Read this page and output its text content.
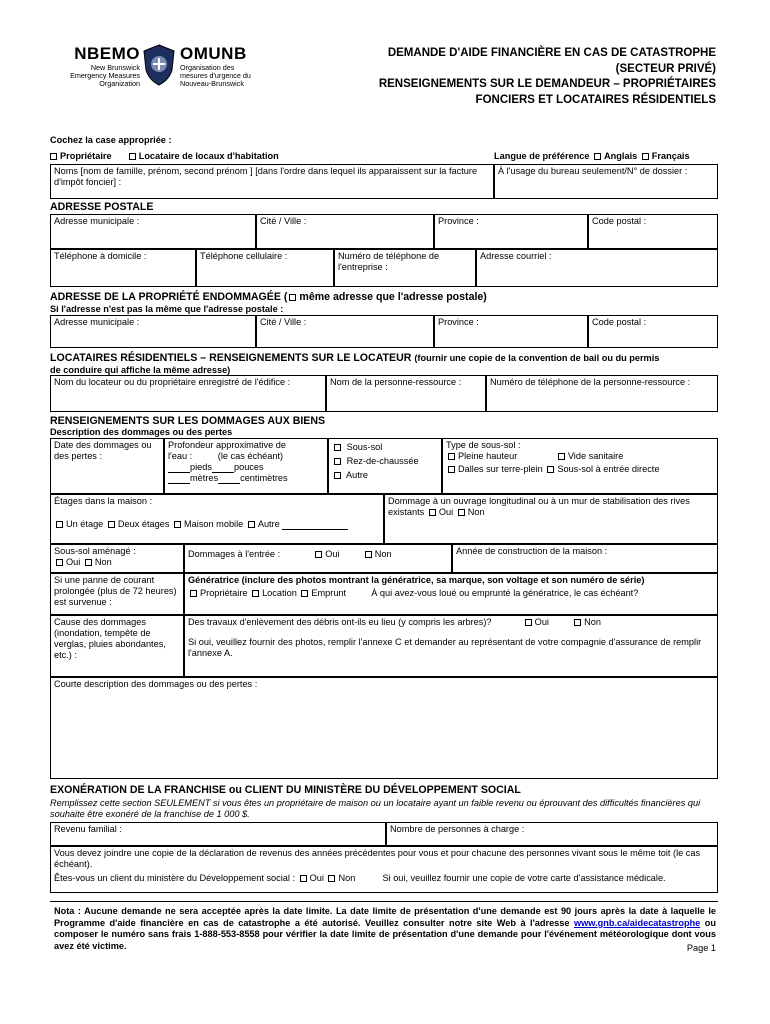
NBEMO
New Brunswick
Emergency Measures
Organization
OMUNB
Organisation des
mesures d'urgence du
Nouveau-Brunswick
DEMANDE D'AIDE FINANCIÈRE EN CAS DE CATASTROPHE
(SECTEUR PRIVÉ)
RENSEIGNEMENTS SUR LE DEMANDEUR – PROPRIÉTAIRES
FONCIERS ET LOCATAIRES RÉSIDENTIELS
Cochez la case appropriée :
Propriétaire	Locataire de locaux d'habitation	Langue de préférence Anglais Français
Noms [nom de famille, prénom, second prénom ] [dans l'ordre dans lequel ils apparaissent sur la facture d'impôt foncier] :
À l'usage du bureau seulement/N° de dossier :
ADRESSE POSTALE
Adresse municipale :	Cité / Ville :	Province :	Code postal :
Téléphone à domicile :	Téléphone cellulaire :	Numéro de téléphone de l'entreprise :
Adresse courriel :
ADRESSE DE LA PROPRIÉTÉ ENDOMMAGÉE ( même adresse que l'adresse postale)
Si l'adresse n'est pas la même que l'adresse postale :
Adresse municipale :	Cité / Ville :	Province :	Code postal :
LOCATAIRES RÉSIDENTIELS – RENSEIGNEMENTS SUR LE LOCATEUR (fournir une copie de la convention de bail ou du permis
de conduire qui affiche la même adresse)
Nom du locateur ou du propriétaire enregistré de l'édifice :	Nom de la personne-ressource :	Numéro de téléphone de la personne-ressource :
RENSEIGNEMENTS SUR LES DOMMAGES AUX BIENS
Description des dommages ou des pertes
Date des dommages ou des pertes :
Profondeur approximative de
l'eau :          (le cas échéant)
pieds pouces
mètres centimètres
Sous-sol
Rez-de-chaussée
Autre
Type de sous-sol :
Pleine hauteur	Vide sanitaire
Dalles sur terre-plein Sous-sol à entrée directe
Étages dans la maison :
Un étage Deux étages Maison mobile Autre
Dommage à un ouvrage longitudinal ou à un mur de stabilisation des rives existants Oui Non
Sous-sol aménagé :
Oui Non
Dommages à l'entrée :	Oui	Non	Année de construction de la maison :
Si une panne de courant prolongée (plus de 72 heures) est survenue :
Génératrice (inclure des photos montrant la génératrice, sa marque, son voltage et son numéro de série)
Propriétaire Location Emprunt	À qui avez-vous loué ou emprunté la génératrice, le cas échéant?
Cause des dommages (inondation, tempête de verglas, pluies abondantes, etc.) :
Des travaux d'enlèvement des débris ont-ils eu lieu (y compris les arbres)?	Oui	Non
Si oui, veuillez fournir des photos, remplir l'annexe C et demander au représentant de votre compagnie d'assurance de remplir l'annexe A.
Courte description des dommages ou des pertes :
EXONÉRATION DE LA FRANCHISE ou CLIENT DU MINISTÈRE DU DÉVELOPPEMENT SOCIAL
Remplissez cette section SEULEMENT si vous êtes un propriétaire de maison ou un locataire ayant un faible revenu ou éprouvant des difficultés financières qui souhaite être exonéré de la franchise de 1 000 $.
Revenu familial :	Nombre de personnes à charge :
Vous devez joindre une copie de la déclaration de revenus des années précédentes pour vous et pour chacune des personnes vivant sous le même toit (le cas échéant).
Êtes-vous un client du ministère du Développement social : Oui Non	Si oui, veuillez fournir une copie de votre carte d'assistance médicale.
Nota : Aucune demande ne sera acceptée après la date limite. La date limite de présentation d'une demande est 90 jours après la date à laquelle le Programme d'aide financière en cas de catastrophe a été autorisé. Veuillez consulter notre site Web à l'adresse www.gnb.ca/aidecatastrophe ou composer le numéro sans frais 1-888-553-8558 pour vérifier la date limite de présentation d'une demande pour l'événement météorologique dont vous avez été victime.	Page 1
